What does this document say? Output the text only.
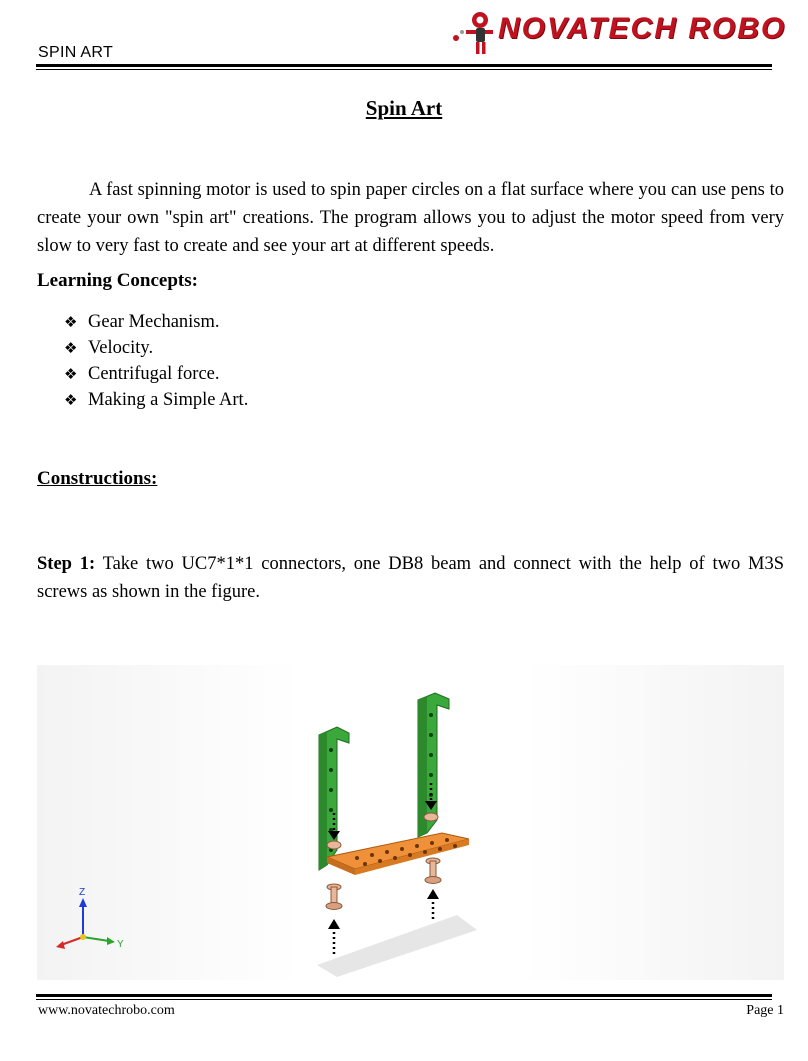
SPIN ART
NOVATECH ROBO
Spin Art
A fast spinning motor is used to spin paper circles on a flat surface where you can use pens to create your own "spin art" creations. The program allows you to adjust the motor speed from very slow to very fast to create and see your art at different speeds.
Learning Concepts:
❖ Gear Mechanism.
❖ Velocity.
❖ Centrifugal force.
❖ Making a Simple Art.
Constructions:
Step 1: Take two UC7*1*1 connectors, one DB8 beam and connect with the help of two M3S screws as shown in the figure.
Z
Y
www.novatechrobo.com	Page 1
